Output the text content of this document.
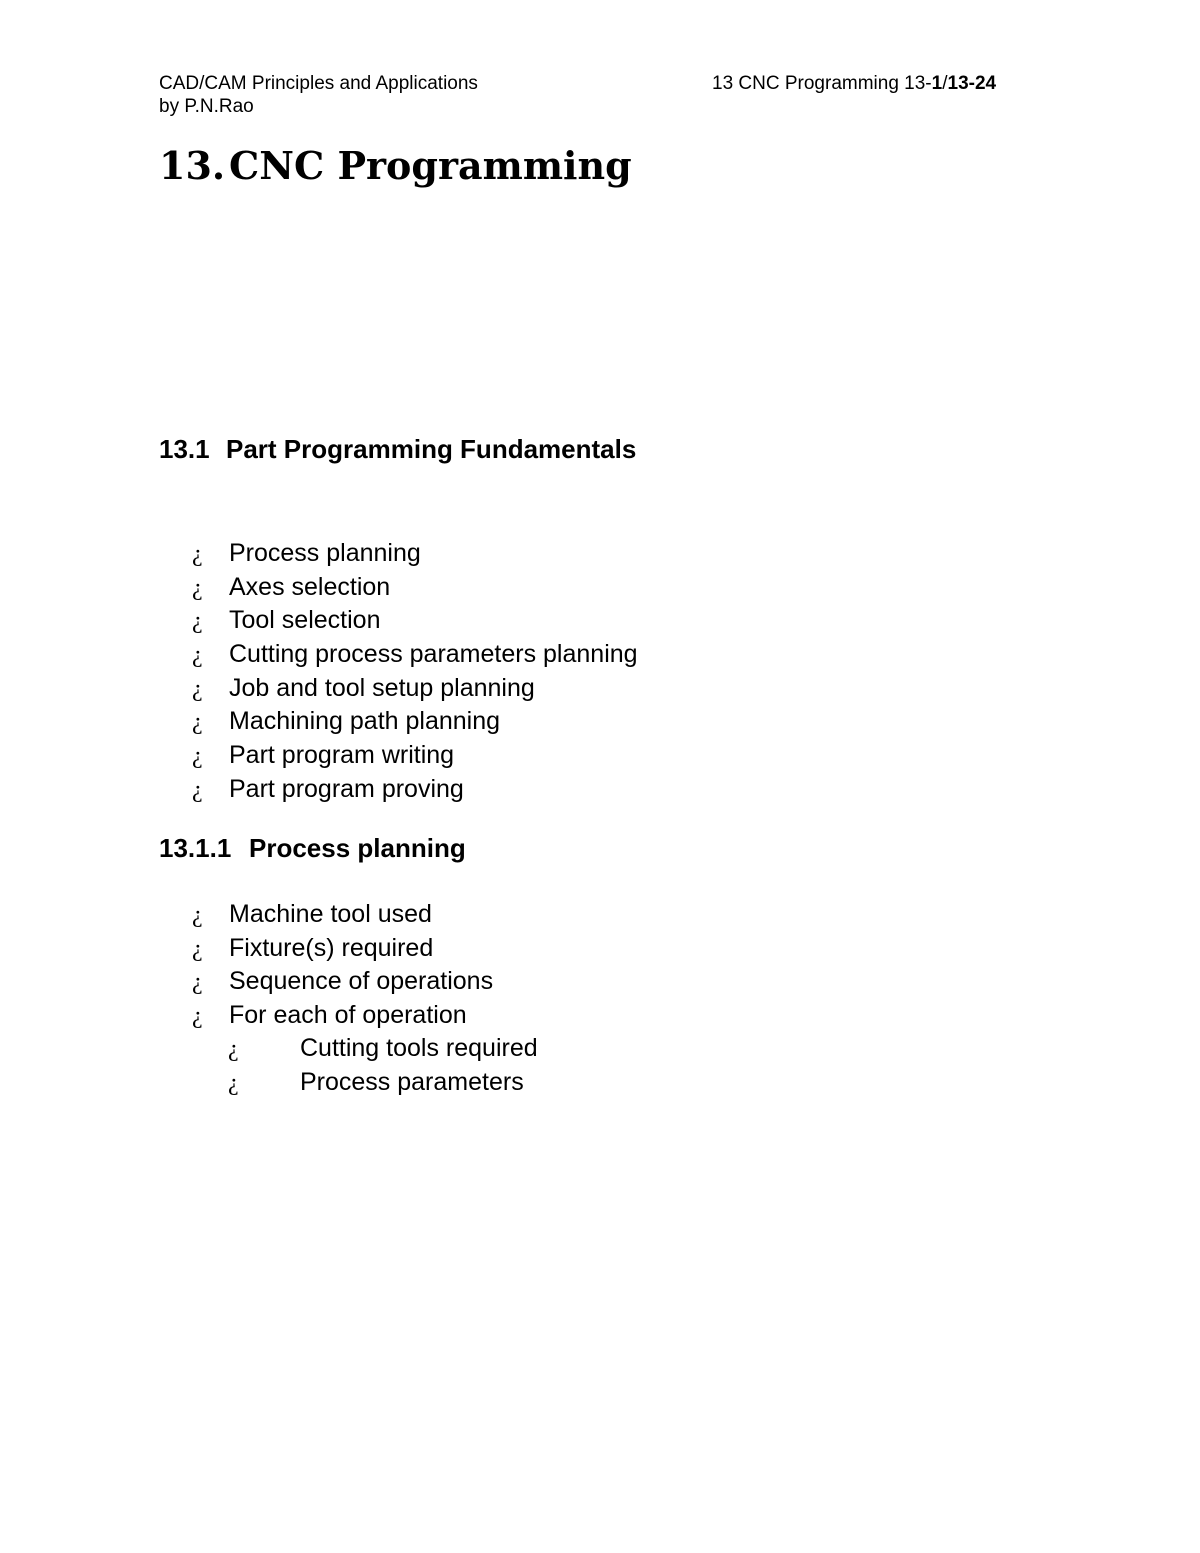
CAD/CAM Principles and Applications
by P.N.Rao
13 CNC Programming 13-1/13-24
13. CNC Programming
13.1 Part Programming Fundamentals
¿ Process planning
¿ Axes selection
¿ Tool selection
¿ Cutting process parameters planning
¿ Job and tool setup planning
¿ Machining path planning
¿ Part program writing
¿ Part program proving
13.1.1 Process planning
¿ Machine tool used
¿ Fixture(s) required
¿ Sequence of operations
¿ For each of operation
¿ Cutting tools required
¿ Process parameters
